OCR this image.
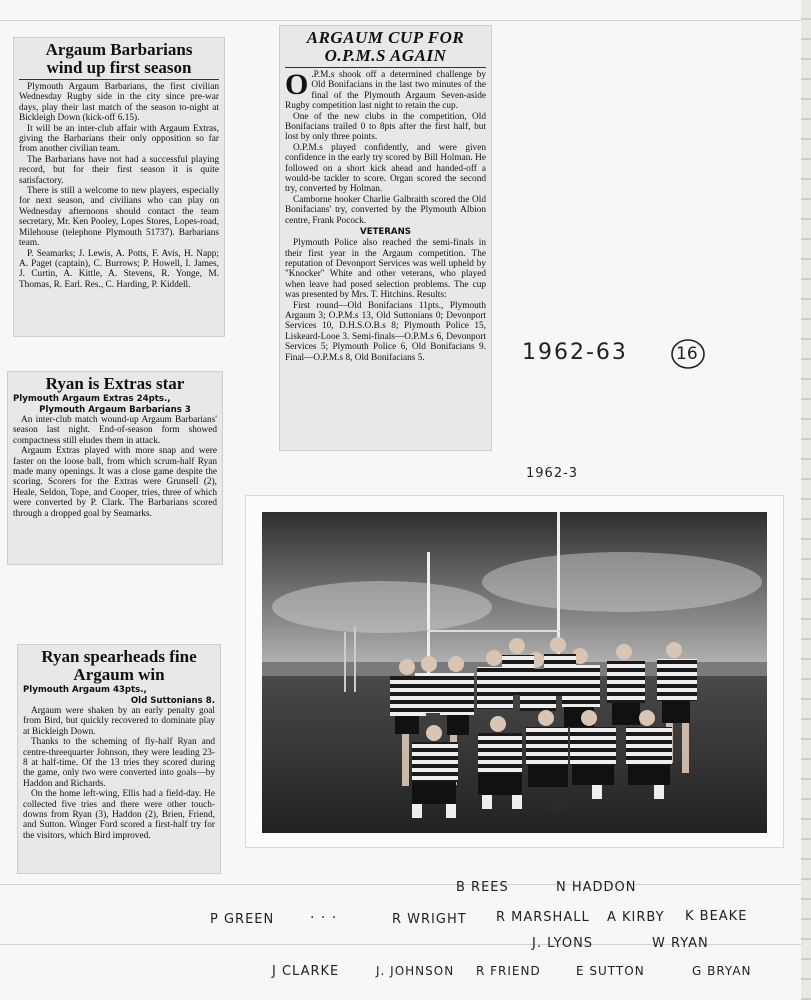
Argaum Barbarians
wind up first season

Plymouth Argaum Barbarians, the first civilian Wednesday Rugby side in the city since pre-war days, play their last match of the season to-night at Bickleigh Down (kick-off 6.15).

It will be an inter-club affair with Argaum Extras, giving the Barbarians their only opposition so far from another civilian team.

The Barbarians have not had a successful playing record, but for their first season it is quite satisfactory.

There is still a welcome to new players, especially for next season, and civilians who can play on Wednesday afternoons should contact the team secretary, Mr. Ken Pooley, Lopes Stores, Lopes-road, Milehouse (telephone Plymouth 51737). Barbarians team.

P. Seamarks; J. Lewis, A. Potts, F. Avis, H. Napp; A. Paget (captain), C. Burrows; P. Howell, I. James, J. Curtin, A. Kittle, A. Stevens, R. Yonge, M. Thomas, R. Earl. Res., C. Harding, P. Kiddell.

Ryan is Extras star
Plymouth Argaum Extras 24pts.,
Plymouth Argaum Barbarians 3

An inter-club match wound-up Argaum Barbarians' season last night. End-of-season form showed compactness still eludes them in attack.

Argaum Extras played with more snap and were faster on the loose ball, from which scrum-half Ryan made many openings. It was a close game despite the scoring. Scorers for the Extras were Grunsell (2), Heale, Seldon, Tope, and Cooper, tries, three of which were converted by P. Clark. The Barbarians scored through a dropped goal by Seamarks.

Ryan spearheads fine
Argaum win
Plymouth Argaum 43pts.,
Old Suttonians 8.

Argaum were shaken by an early penalty goal from Bird, but quickly recovered to dominate play at Bickleigh Down.

Thanks to the scheming of fly-half Ryan and centre-threequarter Johnson, they were leading 23-8 at half-time. Of the 13 tries they scored during the game, only two were converted into goals—by Haddon and Richards.

On the home left-wing, Ellis had a field-day. He collected five tries and there were other touch-downs from Ryan (3), Haddon (2), Brien, Friend, and Sutton. Winger Ford scored a first-half try for the visitors, which Bird improved.

ARGAUM CUP FOR
O.P.M.S AGAIN

O .P.M.s shook off a determined challenge by Old Bonifacians in the last two minutes of the final of the Plymouth Argaum Seven-aside Rugby competition last night to retain the cup.

One of the new clubs in the competition, Old Bonifacians trailed 0 to 8pts after the first half, but lost by only three points.

O.P.M.s played confidently, and were given confidence in the early try scored by Bill Holman. He followed on a short kick ahead and handed-off a would-be tackler to score. Organ scored the second try, converted by Holman.

Camborne hooker Charlie Galbraith scored the Old Bonifacians' try, converted by the Plymouth Albion centre, Frank Pocock.

VETERANS

Plymouth Police also reached the semi-finals in their first year in the Argaum competition. The reputation of Devonport Services was well upheld by "Knocker" White and other veterans, who played when leave had posed selection problems. The cup was presented by Mrs. T. Hitchins. Results:

First round—Old Bonifacians 11pts., Plymouth Argaum 3; O.P.M.s 13, Old Suttonians 0; Devonport Services 10, D.H.S.O.B.s 8; Plymouth Police 15, Liskeard-Looe 3. Semi-finals—O.P.M.s 6, Devonport Services 5; Plymouth Police 6, Old Bonifacians 9. Final—O.P.M.s 8, Old Bonifacians 5.	1962-63	16
1962-3
B REES	N HADDON
P GREEN	. . .	R WRIGHT R MARSHALL A KIRBY K BEAKE
J. LYONS	W RYAN
J CLARKE	J. JOHNSON R FRIEND	E SUTTON	G BRYAN
